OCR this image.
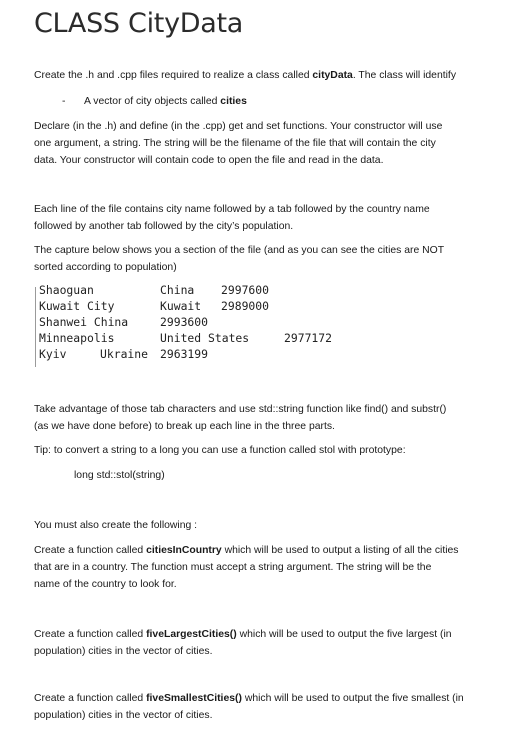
CLASS CityData
Create the .h and .cpp files required to realize a class called cityData. The class will identify
- A vector of city objects called cities
Declare (in the .h) and define (in the .cpp) get and set functions. Your constructor will use
one argument, a string. The string will be the filename of the file that will contain the city
data. Your constructor will contain code to open the file and read in the data.
Each line of the file contains city name followed by a tab followed by the country name
followed by another tab followed by the city’s population.
The capture below shows you a section of the file (and as you can see the cities are NOT
sorted according to population)
Shaoguan	China 2997600
Kuwait City	Kuwait 2989000
Shanwei China	2993600
Minneapolis	United States	2977172
Kyiv	Ukraine 2963199
Take advantage of those tab characters and use std::string function like find() and substr()
(as we have done before) to break up each line in the three parts.
Tip: to convert a string to a long you can use a function called stol with prototype:
long std::stol(string)
You must also create the following :
Create a function called citiesInCountry which will be used to output a listing of all the cities
that are in a country. The function must accept a string argument. The string will be the
name of the country to look for.
Create a function called fiveLargestCities() which will be used to output the five largest (in
population) cities in the vector of cities.
Create a function called fiveSmallestCities() which will be used to output the five smallest (in
population) cities in the vector of cities.
